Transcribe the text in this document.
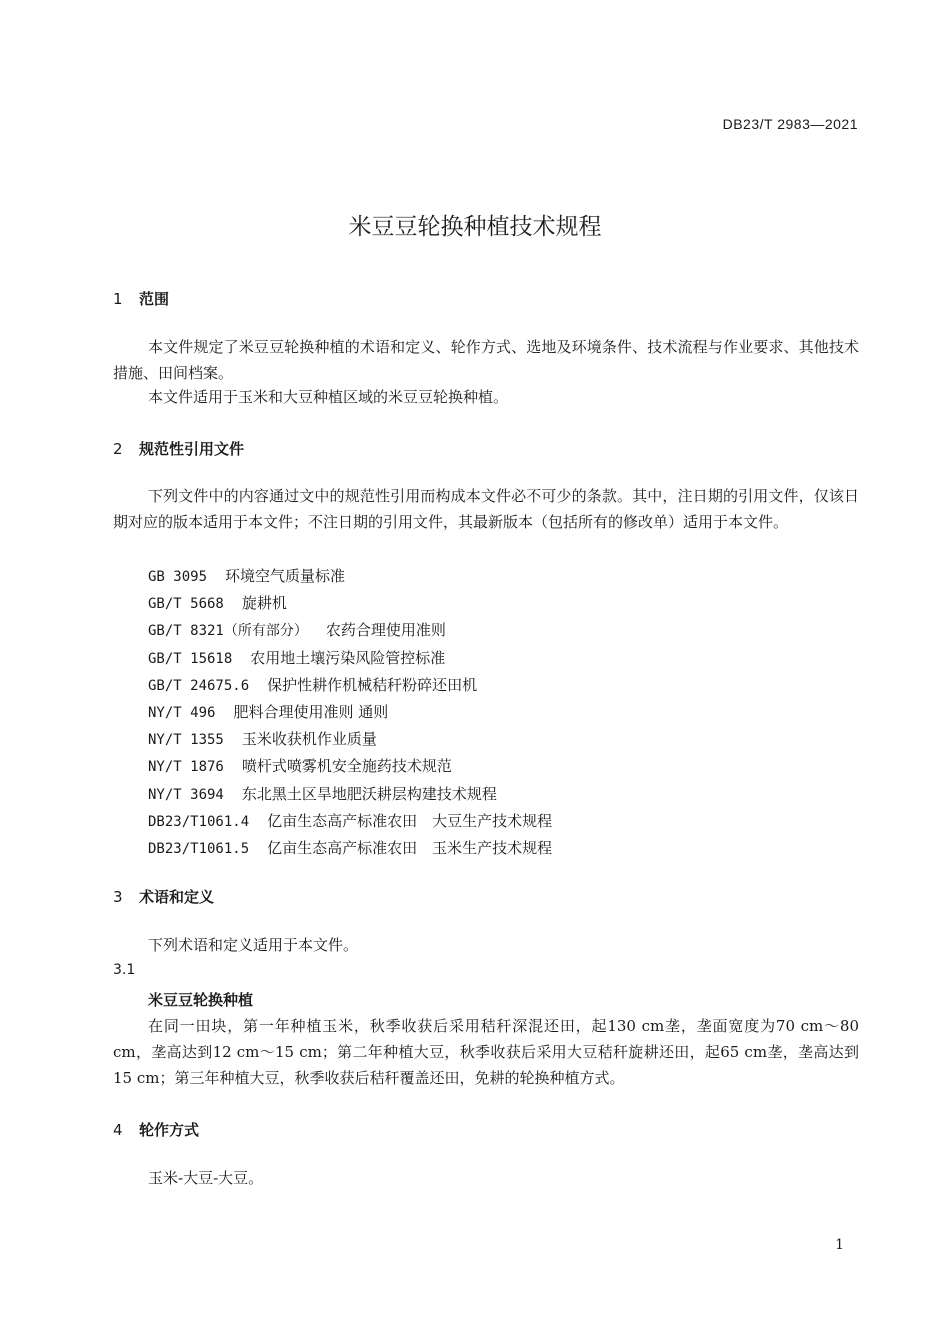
DB23/T 2983—2021
米豆豆轮换种植技术规程
1 范围

本文件规定了米豆豆轮换种植的术语和定义、轮作方式、选地及环境条件、技术流程与作业要求、其他技术措施、田间档案。

本文件适用于玉米和大豆种植区域的米豆豆轮换种植。

2 规范性引用文件

下列文件中的内容通过文中的规范性引用而构成本文件必不可少的条款。其中，注日期的引用文件，仅该日期对应的版本适用于本文件；不注日期的引用文件，其最新版本（包括所有的修改单）适用于本文件。

GB 3095 环境空气质量标准
GB/T 5668 旋耕机
GB/T 8321（所有部分） 农药合理使用准则
GB/T 15618 农用地土壤污染风险管控标准
GB/T 24675.6 保护性耕作机械秸秆粉碎还田机
NY/T 496 肥料合理使用准则 通则
NY/T 1355 玉米收获机作业质量
NY/T 1876 喷杆式喷雾机安全施药技术规范
NY/T 3694 东北黑土区旱地肥沃耕层构建技术规程
DB23/T1061.4 亿亩生态高产标准农田　大豆生产技术规程
DB23/T1061.5 亿亩生态高产标准农田　玉米生产技术规程
3 术语和定义
下列术语和定义适用于本文件。
3.1
米豆豆轮换种植

在同一田块，第一年种植玉米，秋季收获后采用秸秆深混还田，起130 cm垄，垄面宽度为70 cm～80 cm，垄高达到12 cm～15 cm；第二年种植大豆，秋季收获后采用大豆秸秆旋耕还田，起65 cm垄，垄高达到15 cm；第三年种植大豆，秋季收获后秸秆覆盖还田，免耕的轮换种植方式。

4 轮作方式
玉米-大豆-大豆。
1
